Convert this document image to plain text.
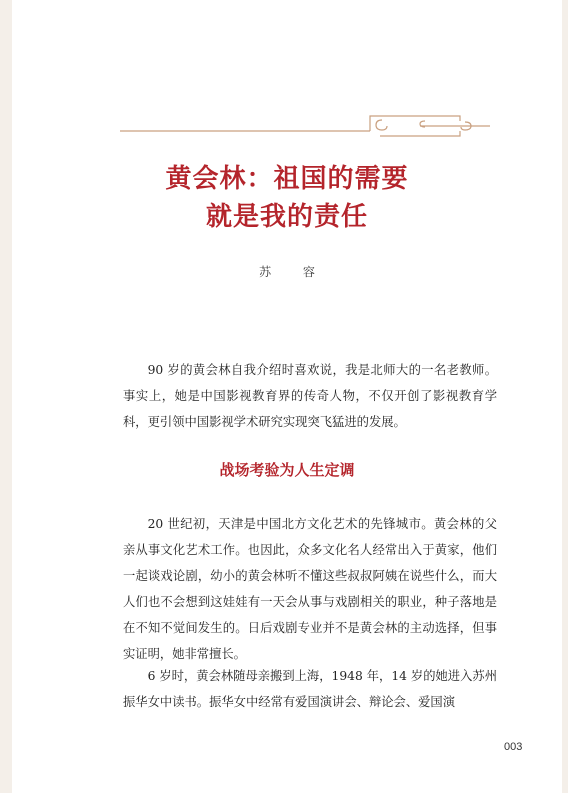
黄会林：祖国的需要
就是我的责任
苏 容

90 岁的黄会林自我介绍时喜欢说，我是北师大的一名老教师。事实上，她是中国影视教育界的传奇人物，不仅开创了影视教育学科，更引领中国影视学术研究实现突飞猛进的发展。

战场考验为人生定调

20 世纪初，天津是中国北方文化艺术的先锋城市。黄会林的父亲从事文化艺术工作。也因此，众多文化名人经常出入于黄家，他们一起谈戏论剧，幼小的黄会林听不懂这些叔叔阿姨在说些什么，而大人们也不会想到这娃娃有一天会从事与戏剧相关的职业，种子落地是在不知不觉间发生的。日后戏剧专业并不是黄会林的主动选择，但事实证明，她非常擅长。

6 岁时，黄会林随母亲搬到上海，1948 年，14 岁的她进入苏州振华女中读书。振华女中经常有爱国演讲会、辩论会、爱国演

003
